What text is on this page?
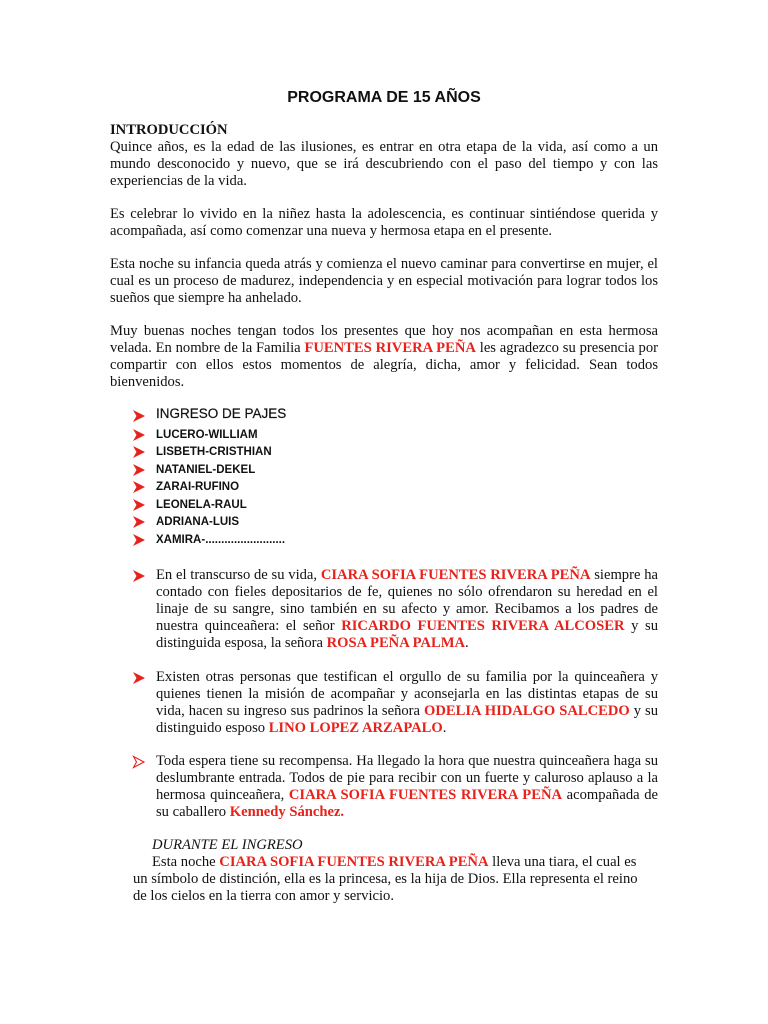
PROGRAMA DE 15 AÑOS
INTRODUCCIÓN

Quince años, es la edad de las ilusiones, es entrar en otra etapa de la vida, así como a un mundo desconocido y nuevo, que se irá descubriendo con el paso del tiempo y con las experiencias de la vida.

Es celebrar lo vivido en la niñez hasta la adolescencia, es continuar sintiéndose querida y acompañada, así como comenzar una nueva y hermosa etapa en el presente.

Esta noche su infancia queda atrás y comienza el nuevo caminar para convertirse en mujer, el cual es un proceso de madurez, independencia y en especial motivación para lograr todos los sueños que siempre ha anhelado.

Muy buenas noches tengan todos los presentes que hoy nos acompañan en esta hermosa velada. En nombre de la Familia FUENTES RIVERA PEÑA les agradezco su presencia por compartir con ellos estos momentos de alegría, dicha, amor y felicidad. Sean todos bienvenidos.

INGRESO DE PAJES
LUCERO-WILLIAM
LISBETH-CRISTHIAN
NATANIEL-DEKEL
ZARAI-RUFINO
LEONELA-RAUL
ADRIANA-LUIS
XAMIRA-.........................
En el transcurso de su vida, CIARA SOFIA FUENTES RIVERA PEÑA siempre ha contado con fieles depositarios de fe, quienes no sólo ofrendaron su heredad en el linaje de su sangre, sino también en su afecto y amor. Recibamos a los padres de nuestra quinceañera: el señor RICARDO FUENTES RIVERA ALCOSER y su distinguida esposa, la señora ROSA PEÑA PALMA.
Existen otras personas que testifican el orgullo de su familia por la quinceañera y quienes tienen la misión de acompañar y aconsejarla en las distintas etapas de su vida, hacen su ingreso sus padrinos la señora ODELIA HIDALGO SALCEDO y su distinguido esposo LINO LOPEZ ARZAPALO.
Toda espera tiene su recompensa. Ha llegado la hora que nuestra quinceañera haga su deslumbrante entrada. Todos de pie para recibir con un fuerte y caluroso aplauso a la hermosa quinceañera, CIARA SOFIA FUENTES RIVERA PEÑA acompañada de su caballero Kennedy Sánchez.
DURANTE EL INGRESO
Esta noche CIARA SOFIA FUENTES RIVERA PEÑA lleva una tiara, el cual es un símbolo de distinción, ella es la princesa, es la hija de Dios. Ella representa el reino de los cielos en la tierra con amor y servicio.
